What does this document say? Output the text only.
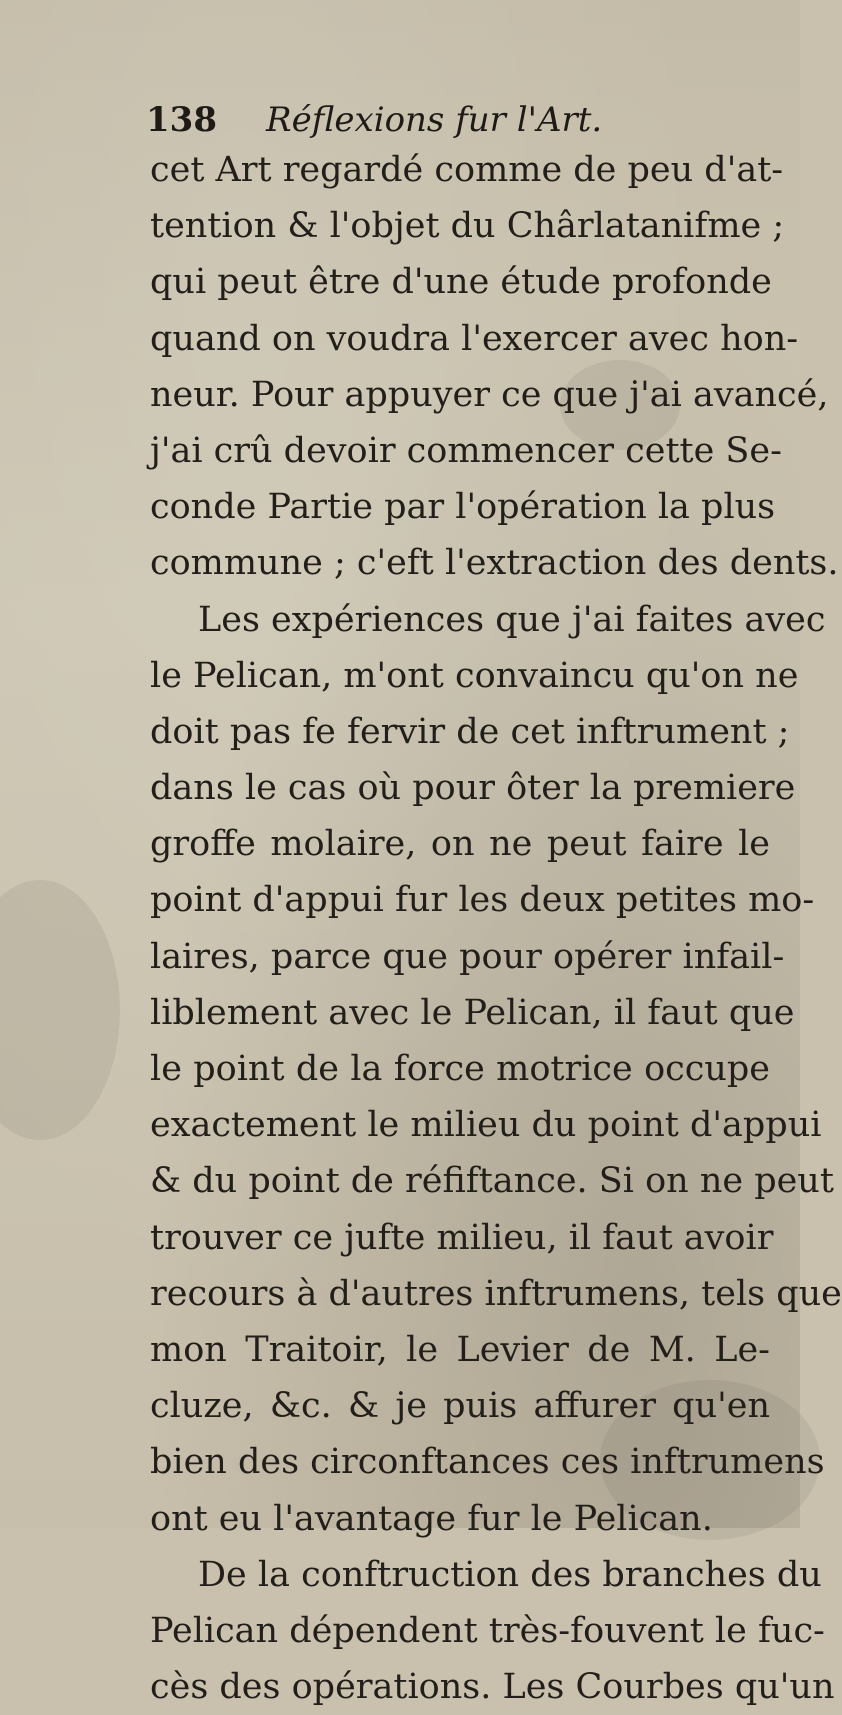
138 Réflexions fur l'Art.
cet Art regardé comme de peu d'at-
tention & l'objet du Chârlatanifme ;
qui peut être d'une étude profonde
quand on voudra l'exercer avec hon-
neur. Pour appuyer ce que j'ai avancé,
j'ai crû devoir commencer cette Se-
conde Partie par l'opération la plus
commune ; c'eft l'extraction des dents.
Les expériences que j'ai faites avec
le Pelican, m'ont convaincu qu'on ne
doit pas fe fervir de cet inftrument ;
dans le cas où pour ôter la premiere
groffe molaire, on ne peut faire le
point d'appui fur les deux petites mo-
laires, parce que pour opérer infail-
liblement avec le Pelican, il faut que
le point de la force motrice occupe
exactement le milieu du point d'appui
& du point de réfiftance. Si on ne peut
trouver ce jufte milieu, il faut avoir
recours à d'autres inftrumens, tels que
mon Traitoir, le Levier de M. Le-
cluze, &c. & je puis affurer qu'en
bien des circonftances ces inftrumens
ont eu l'avantage fur le Pelican.
De la conftruction des branches du
Pelican dépendent très-fouvent le fuc-
cès des opérations. Les Courbes qu'un
